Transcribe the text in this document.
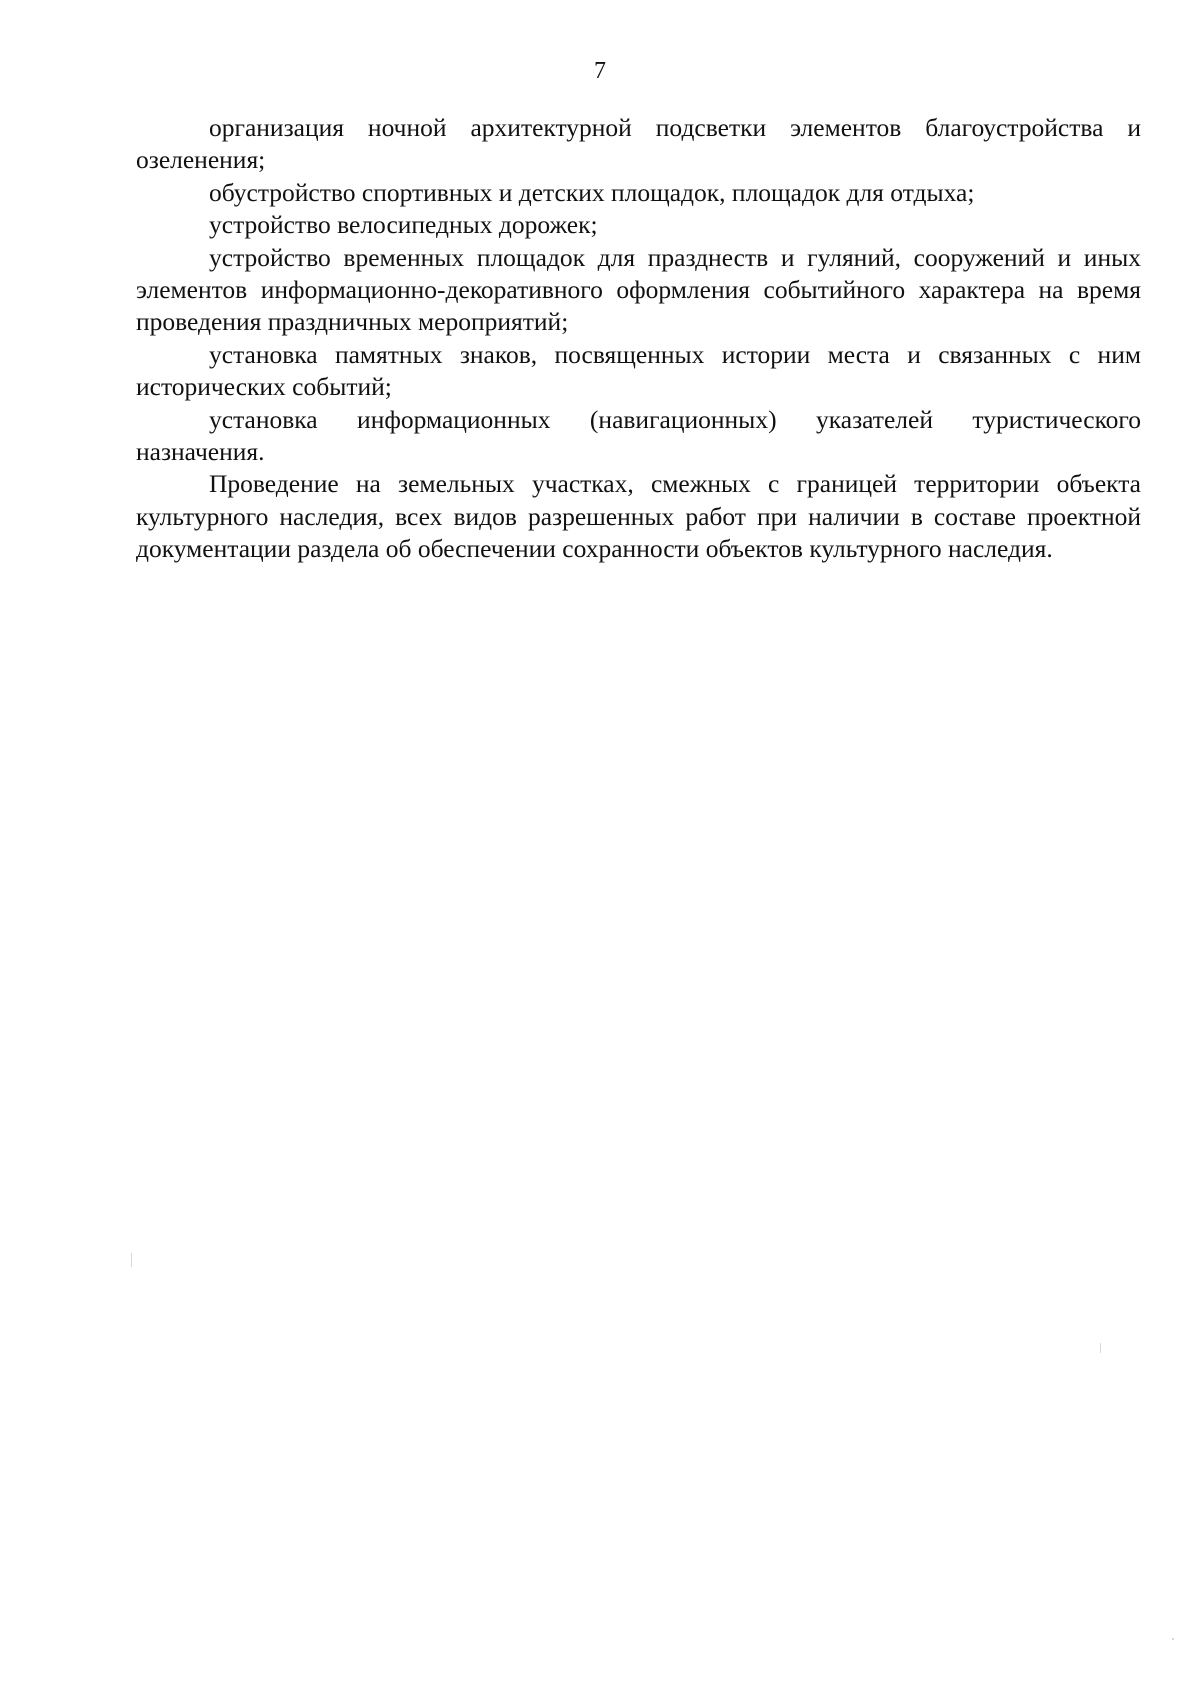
7

организация ночной архитектурной подсветки элементов благоустройства и озеленения;

обустройство спортивных и детских площадок, площадок для отдыха;

устройство велосипедных дорожек;

устройство временных площадок для празднеств и гуляний, сооружений и иных элементов информационно-декоративного оформления событийного характера на время проведения праздничных мероприятий;

установка памятных знаков, посвященных истории места и связанных с ним исторических событий;

установка информационных (навигационных) указателей туристического назначения.

Проведение на земельных участках, смежных с границей территории объекта культурного наследия, всех видов разрешенных работ при наличии в составе проектной документации раздела об обеспечении сохранности объектов культурного наследия.
